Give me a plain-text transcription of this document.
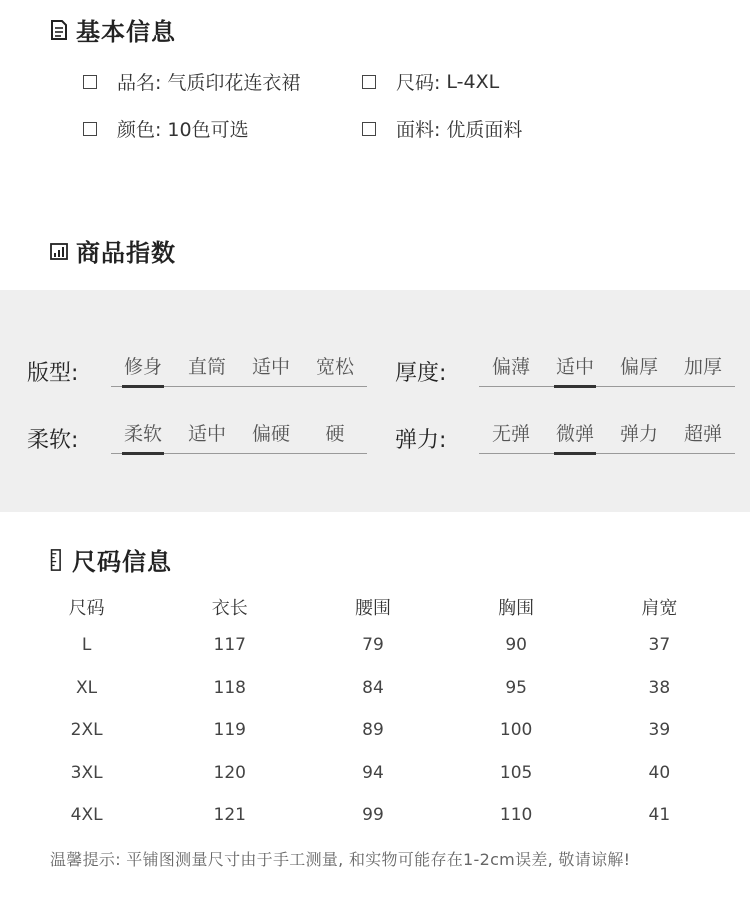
基本信息
品名: 气质印花连衣裙	尺码: L-4XL
颜色: 10色可选	面料: 优质面料
商品指数
版型:	修身	直筒	适中	宽松	厚度:	偏薄	适中	偏厚	加厚
柔软:	柔软	适中	偏硬	硬	弹力:	无弹	微弹	弹力	超弹
尺码信息
尺码	衣长	腰围	胸围	肩宽
L	117	79	90	37
XL	118	84	95	38
2XL	119	89	100	39
3XL	120	94	105	40
4XL	121	99	110	41
温馨提示: 平铺图测量尺寸由于手工测量, 和实物可能存在1-2cm误差, 敬请谅解!
